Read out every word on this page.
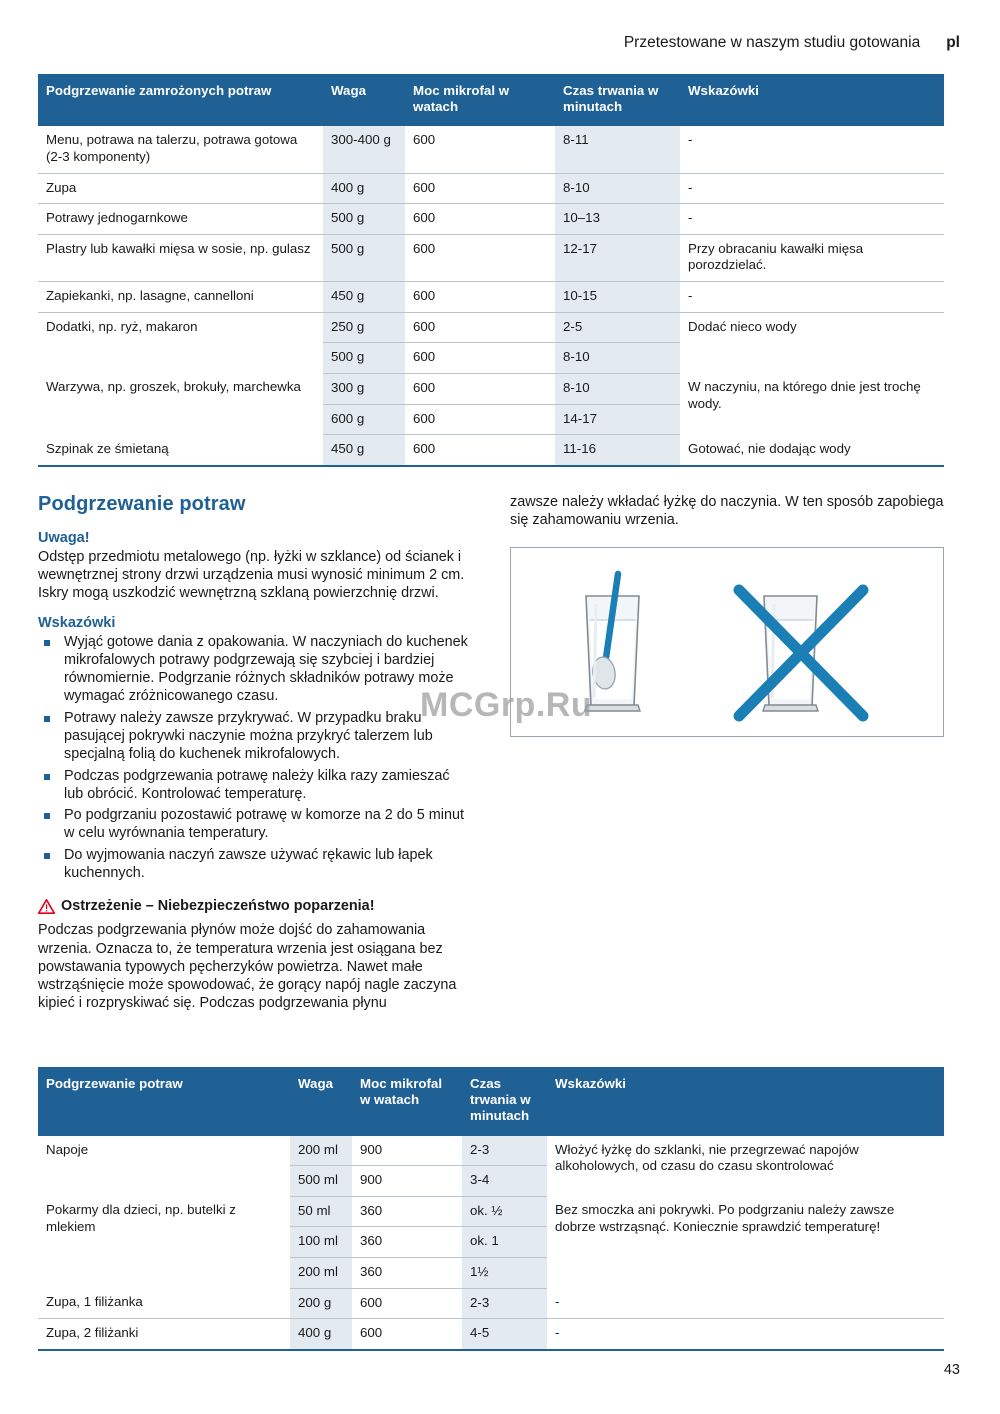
Przetestowane w naszym studiu gotowania pl
Podgrzewanie zamrożonych potraw	Waga	Moc mikrofal w watach	Czas trwania w minutach	Wskazówki
Menu, potrawa na talerzu, potrawa gotowa (2-3 komponenty)	300-400 g	600	8-11	-
Zupa	400 g	600	8-10	-
Potrawy jednogarnkowe	500 g	600	10–13	-
Plastry lub kawałki mięsa w sosie, np. gulasz	500 g	600	12-17	Przy obracaniu kawałki mięsa porozdzielać.
Zapiekanki, np. lasagne, cannelloni	450 g	600	10-15	-
Dodatki, np. ryż, makaron	250 g	600	2-5	Dodać nieco wody
	500 g	600	8-10	
Warzywa, np. groszek, brokuły, marchewka	300 g	600	8-10	W naczyniu, na którego dnie jest trochę wody.
	600 g	600	14-17	
Szpinak ze śmietaną	450 g	600	11-16	Gotować, nie dodając wody
Podgrzewanie potraw
Uwaga!

Odstęp przedmiotu metalowego (np. łyżki w szklance) od ścianek i wewnętrznej strony drzwi urządzenia musi wynosić minimum 2 cm. Iskry mogą uszkodzić wewnętrzną szklaną powierzchnię drzwi.

Wskazówki
Wyjąć gotowe dania z opakowania. W naczyniach do kuchenek mikrofalowych potrawy podgrzewają się szybciej i bardziej równomiernie. Podgrzanie różnych składników potrawy może wymagać zróżnicowanego czasu.
Potrawy należy zawsze przykrywać. W przypadku braku pasującej pokrywki naczynie można przykryć talerzem lub specjalną folią do kuchenek mikrofalowych.
Podczas podgrzewania potrawę należy kilka razy zamieszać lub obrócić. Kontrolować temperaturę.
Po podgrzaniu pozostawić potrawę w komorze na 2 do 5 minut w celu wyrównania temperatury.
Do wyjmowania naczyń zawsze używać rękawic lub łapek kuchennych.
Ostrzeżenie – Niebezpieczeństwo poparzenia!

Podczas podgrzewania płynów może dojść do zahamowania wrzenia. Oznacza to, że temperatura wrzenia jest osiągana bez powstawania typowych pęcherzyków powietrza. Nawet małe wstrząśnięcie może spowodować, że gorący napój nagle zaczyna kipieć i rozpryskiwać się. Podczas podgrzewania płynu

zawsze należy wkładać łyżkę do naczynia. W ten sposób zapobiega się zahamowaniu wrzenia.

Podgrzewanie potraw	Waga	Moc mikrofal w watach	Czas trwania w minutach	Wskazówki
Napoje	200 ml	900	2-3	Włożyć łyżkę do szklanki, nie przegrzewać napojów alkoholowych, od czasu do czasu skontrolować
	500 ml	900	3-4	
Pokarmy dla dzieci, np. butelki z mlekiem	50 ml	360	ok. ½	Bez smoczka ani pokrywki. Po podgrzaniu należy zawsze dobrze wstrząsnąć. Koniecznie sprawdzić temperaturę!
	100 ml	360	ok. 1	
	200 ml	360	1½	
Zupa, 1 filiżanka	200 g	600	2-3	-
Zupa, 2 filiżanki	400 g	600	4-5	-
MCGrp.Ru
43
